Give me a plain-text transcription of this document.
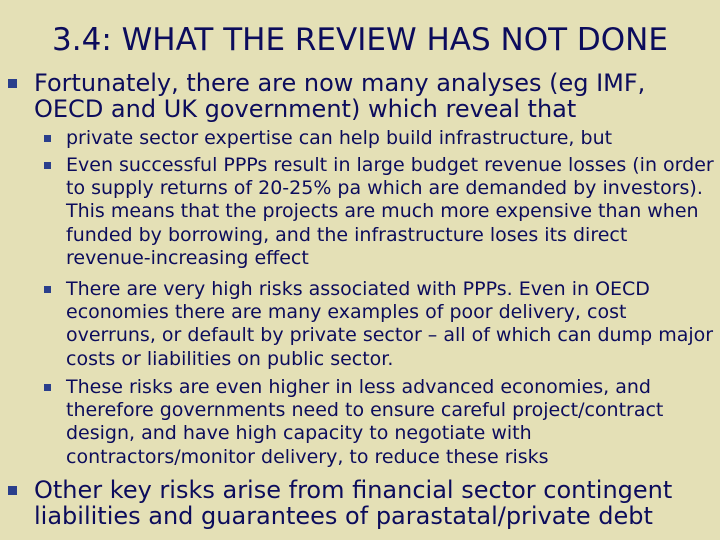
3.4: WHAT THE REVIEW HAS NOT DONE
Fortunately, there are now many analyses (eg IMF, OECD and UK government) which reveal that
private sector expertise can help build infrastructure, but
Even successful PPPs result in large budget revenue losses (in order to supply returns of 20-25% pa which are demanded by investors). This means that the projects are much more expensive than when funded by borrowing, and the infrastructure loses its direct revenue-increasing effect
There are very high risks associated with PPPs. Even in OECD economies there are many examples of poor delivery, cost overruns, or default by private sector – all of which can dump major costs or liabilities on public sector.
These risks are even higher in less advanced economies, and therefore governments need to ensure careful project/contract design, and have high capacity to negotiate with contractors/monitor delivery, to reduce these risks
Other key risks arise from financial sector contingent liabilities and guarantees of parastatal/private debt
